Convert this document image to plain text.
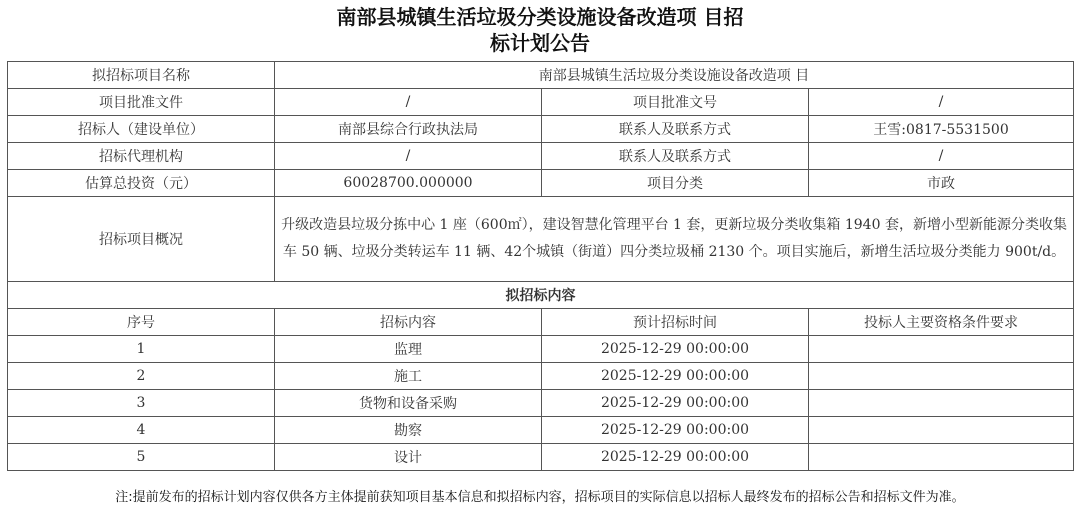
南部县城镇生活垃圾分类设施设备改造项 目招
标计划公告
拟招标项目名称	南部县城镇生活垃圾分类设施设备改造项 目		
项目批准文件	/	项目批准文号	/
招标人（建设单位）	南部县综合行政执法局	联系人及联系方式	王雪:0817-5531500
招标代理机构	/	联系人及联系方式	/
估算总投资（元）	60028700.000000	项目分类	市政
招标项目概况	升级改造县垃圾分拣中心 1 座（600㎡），建设智慧化管理平台 1 套，更新垃圾分类收集箱 1940 套，新增小型新能源分类收集车 50 辆、垃圾分类转运车 11 辆、42个城镇（街道）四分类垃圾桶 2130 个。项目实施后，新增生活垃圾分类能力 900t/d。		
拟招标内容			
序号	招标内容	预计招标时间	投标人主要资格条件要求
1	监理	2025-12-29 00:00:00	
2	施工	2025-12-29 00:00:00	
3	货物和设备采购	2025-12-29 00:00:00	
4	勘察	2025-12-29 00:00:00	
5	设计	2025-12-29 00:00:00	
注:提前发布的招标计划内容仅供各方主体提前获知项目基本信息和拟招标内容，招标项目的实际信息以招标人最终发布的招标公告和招标文件为准。
